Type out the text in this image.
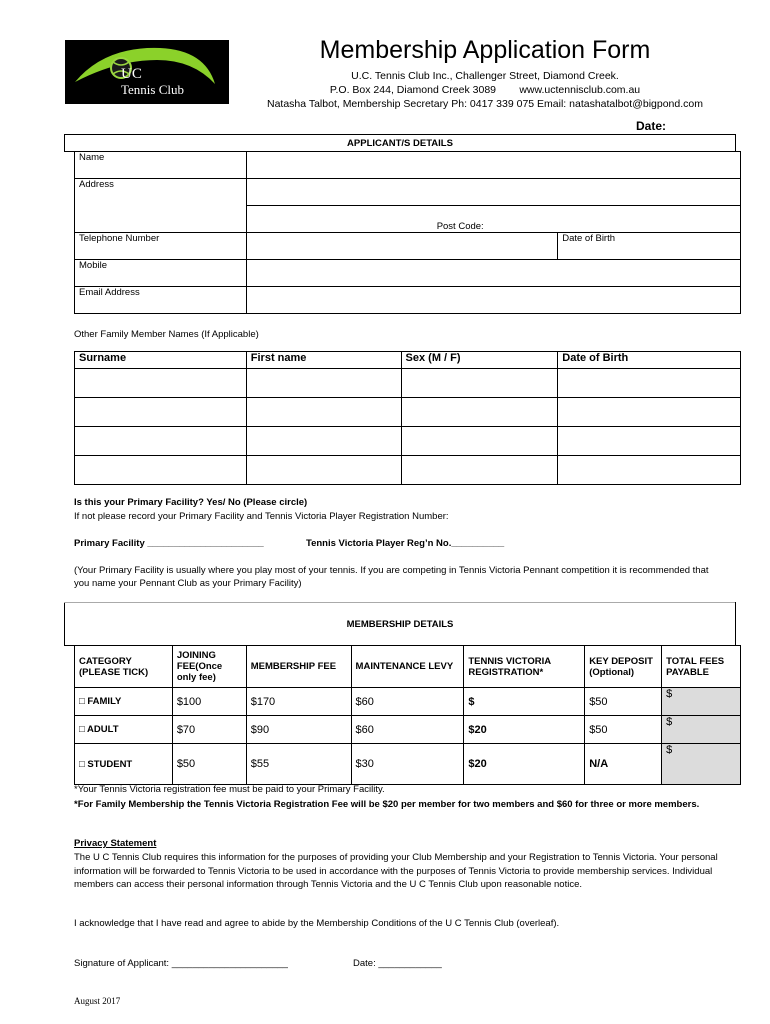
UC
Tennis Club
Membership Application Form
U.C. Tennis Club Inc., Challenger Street, Diamond Creek.
P.O. Box 244, Diamond Creek 3089        www.uctennisclub.com.au
Natasha Talbot, Membership Secretary Ph: 0417 339 075 Email: natashatalbot@bigpond.com
Date:
APPLICANT/S DETAILS
Name		
Address		
	Post Code:	
Telephone Number		Date of Birth
Mobile		
Email Address		
Other Family Member Names (If Applicable)
Surname	First name	Sex (M / F)	Date of Birth

Is this your Primary Facility? Yes/ No (Please circle)
If not please record your Primary Facility and Tennis Victoria Player Registration Number:
Primary Facility ______________________	Tennis Victoria Player Reg’n No.__________
(Your Primary Facility is usually where you play most of your tennis. If you are competing in Tennis Victoria Pennant competition it is recommended that you name your Pennant Club as your Primary Facility)
MEMBERSHIP DETAILS
CATEGORY (PLEASE TICK)	JOINING FEE(Once only fee)	MEMBERSHIP FEE	MAINTENANCE LEVY	TENNIS VICTORIA REGISTRATION*	KEY DEPOSIT (Optional)	TOTAL FEES PAYABLE
□ FAMILY	$100	$170	$60	$	$50	$
□ ADULT	$70	$90	$60	$20	$50	$
□ STUDENT	$50	$55	$30	$20	N/A	$
*Your Tennis Victoria registration fee must be paid to your Primary Facility.
*For Family Membership the Tennis Victoria Registration Fee will be $20 per member for two members and $60 for three or more members.
Privacy Statement
The U C Tennis Club requires this information for the purposes of providing your Club Membership and your Registration to Tennis Victoria. Your personal information will be forwarded to Tennis Victoria to be used in accordance with the purposes of Tennis Victoria to provide membership services. Individual members can access their personal information through Tennis Victoria and the U C Tennis Club upon reasonable notice.
I acknowledge that I have read and agree to abide by the Membership Conditions of the U C Tennis Club (overleaf).
Signature of Applicant: ______________________	Date: ____________
August 2017
